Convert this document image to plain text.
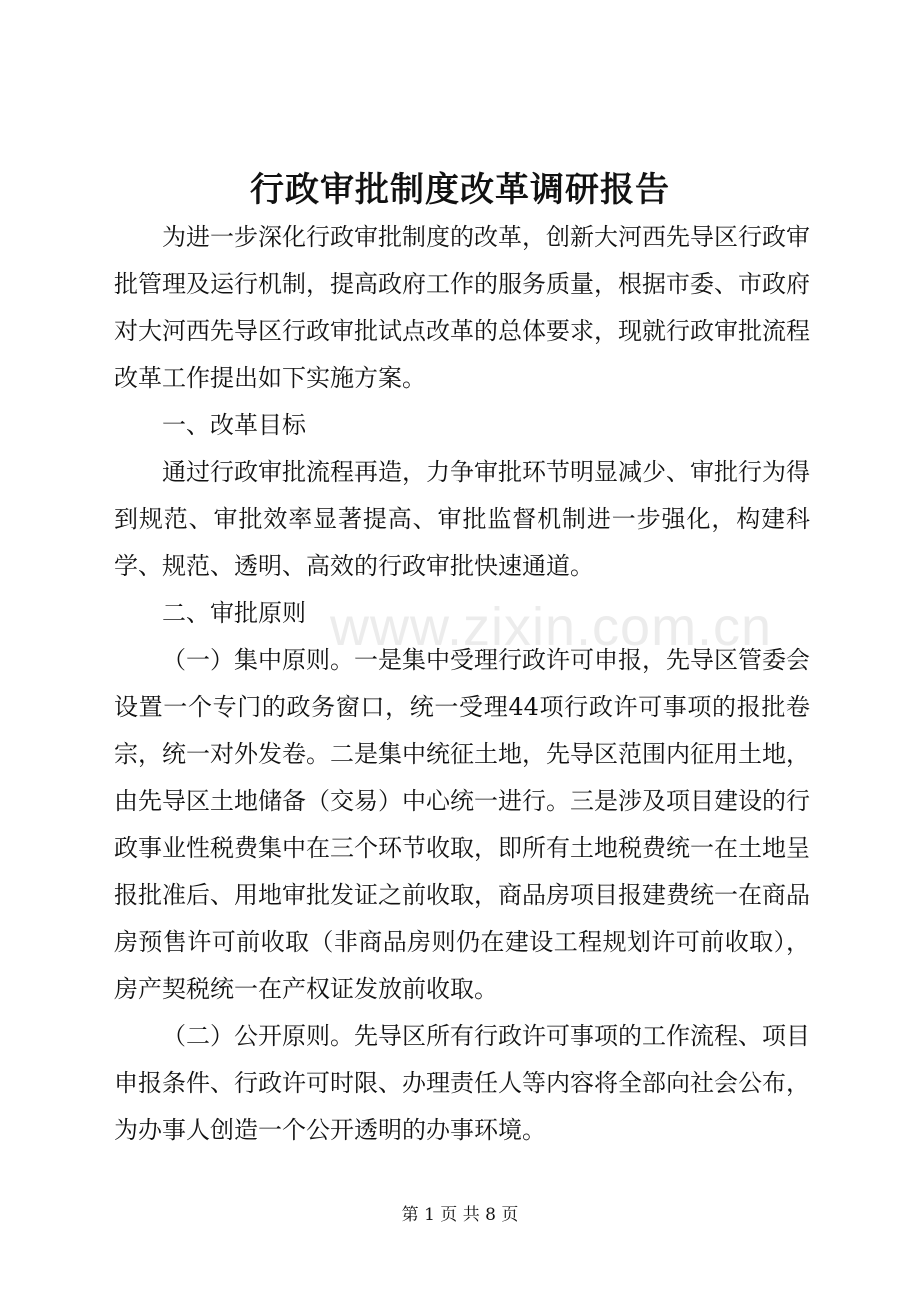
www.zixin.com.cn
行政审批制度改革调研报告

为进一步深化行政审批制度的改革，创新大河西先导区行政审批管理及运行机制，提高政府工作的服务质量，根据市委、市政府对大河西先导区行政审批试点改革的总体要求，现就行政审批流程改革工作提出如下实施方案。

一、改革目标

通过行政审批流程再造，力争审批环节明显减少、审批行为得到规范、审批效率显著提高、审批监督机制进一步强化，构建科学、规范、透明、高效的行政审批快速通道。

二、审批原则

（一）集中原则。一是集中受理行政许可申报，先导区管委会设置一个专门的政务窗口，统一受理44项行政许可事项的报批卷宗，统一对外发卷。二是集中统征土地，先导区范围内征用土地，由先导区土地储备（交易）中心统一进行。三是涉及项目建设的行政事业性税费集中在三个环节收取，即所有土地税费统一在土地呈报批准后、用地审批发证之前收取，商品房项目报建费统一在商品房预售许可前收取（非商品房则仍在建设工程规划许可前收取），房产契税统一在产权证发放前收取。

（二）公开原则。先导区所有行政许可事项的工作流程、项目申报条件、行政许可时限、办理责任人等内容将全部向社会公布，为办事人创造一个公开透明的办事环境。

第 1 页 共 8 页
